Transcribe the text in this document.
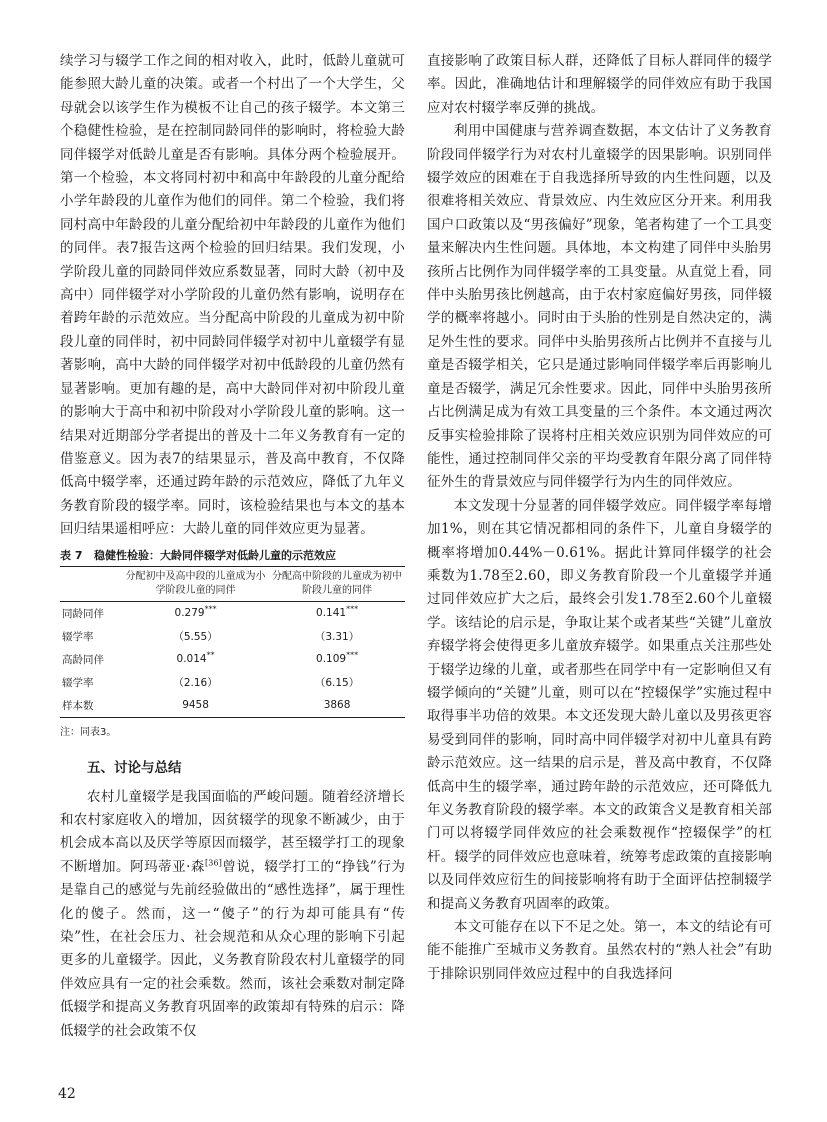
续学习与辍学工作之间的相对收入，此时，低龄儿童就可能参照大龄儿童的决策。或者一个村出了一个大学生，父母就会以该学生作为模板不让自己的孩子辍学。本文第三个稳健性检验，是在控制同龄同伴的影响时，将检验大龄同伴辍学对低龄儿童是否有影响。具体分两个检验展开。第一个检验，本文将同村初中和高中年龄段的儿童分配给小学年龄段的儿童作为他们的同伴。第二个检验，我们将同村高中年龄段的儿童分配给初中年龄段的儿童作为他们的同伴。表7报告这两个检验的回归结果。我们发现，小学阶段儿童的同龄同伴效应系数显著，同时大龄（初中及高中）同伴辍学对小学阶段的儿童仍然有影响，说明存在着跨年龄的示范效应。当分配高中阶段的儿童成为初中阶段儿童的同伴时，初中同龄同伴辍学对初中儿童辍学有显著影响，高中大龄的同伴辍学对初中低龄段的儿童仍然有显著影响。更加有趣的是，高中大龄同伴对初中阶段儿童的影响大于高中和初中阶段对小学阶段儿童的影响。这一结果对近期部分学者提出的普及十二年义务教育有一定的借鉴意义。因为表7的结果显示，普及高中教育，不仅降低高中辍学率，还通过跨年龄的示范效应，降低了九年义务教育阶段的辍学率。同时，该检验结果也与本文的基本回归结果遥相呼应：大龄儿童的同伴效应更为显著。

表 7 稳健性检验：大龄同伴辍学对低龄儿童的示范效应
	分配初中及高中段的儿童成为小学阶段儿童的同伴	分配高中阶段的儿童成为初中阶段儿童的同伴
同龄同伴	0.279***	0.141***
辍学率	（5.55）	（3.31）
高龄同伴	0.014**	0.109***
辍学率	（2.16）	（6.15）
样本数	9458	3868
注：同表3。
五、讨论与总结

农村儿童辍学是我国面临的严峻问题。随着经济增长和农村家庭收入的增加，因贫辍学的现象不断减少，由于机会成本高以及厌学等原因而辍学，甚至辍学打工的现象不断增加。阿玛蒂亚·森[36]曾说，辍学打工的“挣钱”行为是靠自己的感觉与先前经验做出的“感性选择”，属于理性化的傻子。然而，这一“傻子”的行为却可能具有“传染”性，在社会压力、社会规范和从众心理的影响下引起更多的儿童辍学。因此，义务教育阶段农村儿童辍学的同伴效应具有一定的社会乘数。然而，该社会乘数对制定降低辍学和提高义务教育巩固率的政策却有特殊的启示：降低辍学的社会政策不仅

直接影响了政策目标人群，还降低了目标人群同伴的辍学率。因此，准确地估计和理解辍学的同伴效应有助于我国应对农村辍学率反弹的挑战。

利用中国健康与营养调查数据，本文估计了义务教育阶段同伴辍学行为对农村儿童辍学的因果影响。识别同伴辍学效应的困难在于自我选择所导致的内生性问题，以及很难将相关效应、背景效应、内生效应区分开来。利用我国户口政策以及“男孩偏好”现象，笔者构建了一个工具变量来解决内生性问题。具体地，本文构建了同伴中头胎男孩所占比例作为同伴辍学率的工具变量。从直觉上看，同伴中头胎男孩比例越高，由于农村家庭偏好男孩，同伴辍学的概率将越小。同时由于头胎的性别是自然决定的，满足外生性的要求。同伴中头胎男孩所占比例并不直接与儿童是否辍学相关，它只是通过影响同伴辍学率后再影响儿童是否辍学，满足冗余性要求。因此，同伴中头胎男孩所占比例满足成为有效工具变量的三个条件。本文通过两次反事实检验排除了误将村庄相关效应识别为同伴效应的可能性，通过控制同伴父亲的平均受教育年限分离了同伴特征外生的背景效应与同伴辍学行为内生的同伴效应。

本文发现十分显著的同伴辍学效应。同伴辍学率每增加1%，则在其它情况都相同的条件下，儿童自身辍学的概率将增加0.44%－0.61%。据此计算同伴辍学的社会乘数为1.78至2.60，即义务教育阶段一个儿童辍学并通过同伴效应扩大之后，最终会引发1.78至2.60个儿童辍学。该结论的启示是，争取让某个或者某些“关键”儿童放弃辍学将会使得更多儿童放弃辍学。如果重点关注那些处于辍学边缘的儿童，或者那些在同学中有一定影响但又有辍学倾向的“关键”儿童，则可以在“控辍保学”实施过程中取得事半功倍的效果。本文还发现大龄儿童以及男孩更容易受到同伴的影响，同时高中同伴辍学对初中儿童具有跨龄示范效应。这一结果的启示是，普及高中教育，不仅降低高中生的辍学率，通过跨年龄的示范效应，还可降低九年义务教育阶段的辍学率。本文的政策含义是教育相关部门可以将辍学同伴效应的社会乘数视作“控辍保学”的杠杆。辍学的同伴效应也意味着，统筹考虑政策的直接影响以及同伴效应衍生的间接影响将有助于全面评估控制辍学和提高义务教育巩固率的政策。

本文可能存在以下不足之处。第一，本文的结论有可能不能推广至城市义务教育。虽然农村的“熟人社会”有助于排除识别同伴效应过程中的自我选择问

42
